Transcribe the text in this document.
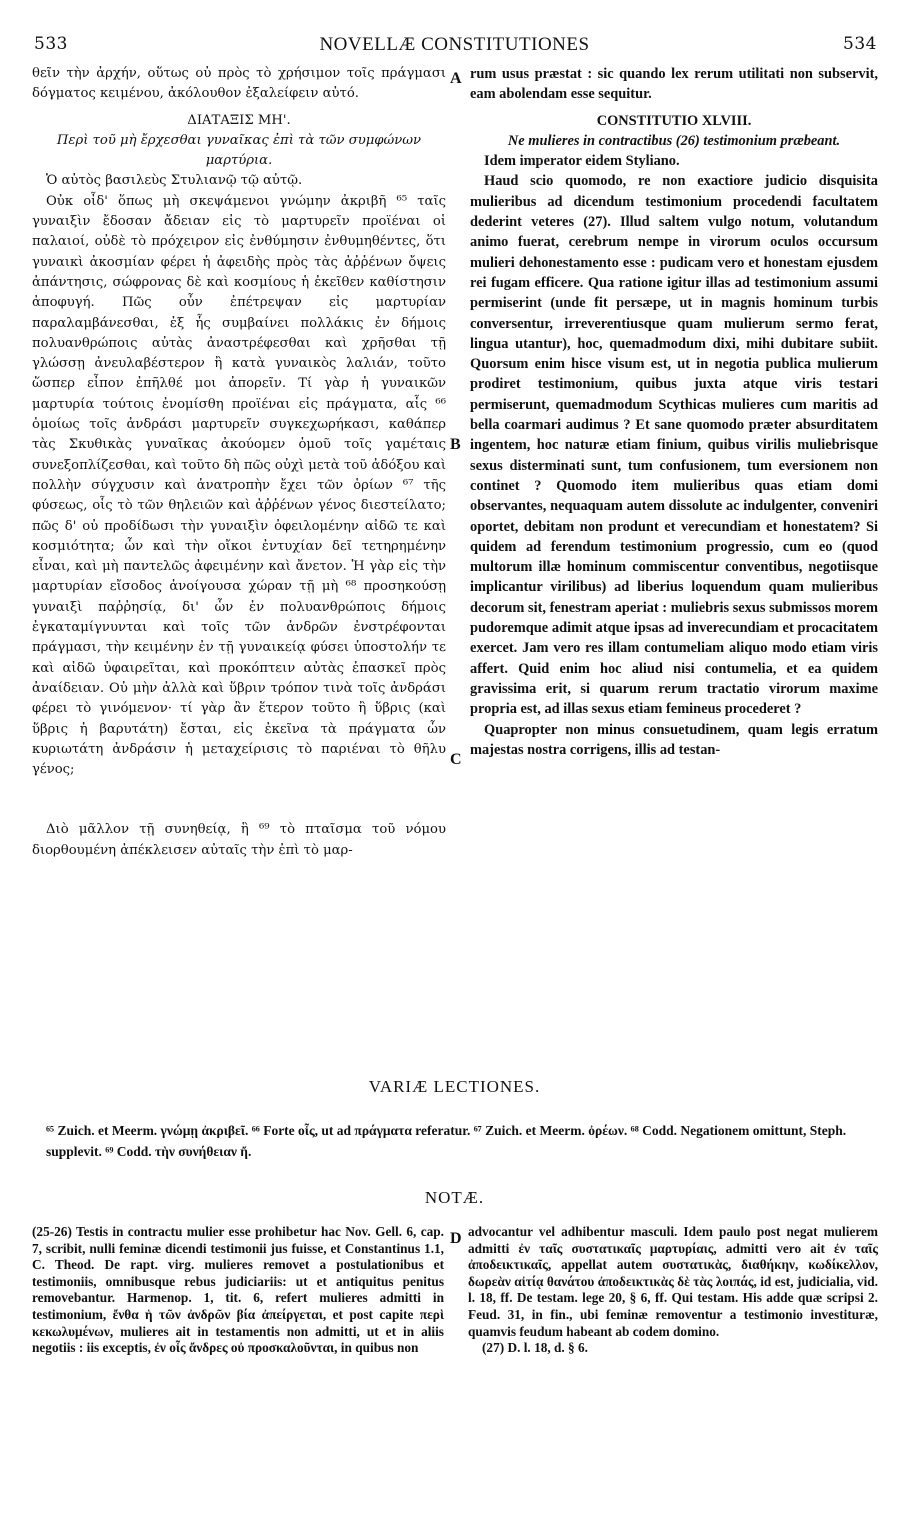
533	NOVELLÆ CONSTITUTIONES	534

θεῖν τὴν ἀρχήν, οὕτως οὐ πρὸς τὸ χρήσιμον τοῖς πράγμασι δόγματος κειμένου, ἀκόλουθον ἐξαλείφειν αὐτό.

ΔΙΑΤΑΞΙΣ ΜΗ'.

Περὶ τοῦ μὴ ἔρχεσθαι γυναῖκας ἐπὶ τὰ τῶν συμφώνων μαρτύρια.

Ὁ αὐτὸς βασιλεὺς Στυλιανῷ τῷ αὐτῷ.

Οὐκ οἶδ' ὅπως μὴ σκεψάμενοι γνώμην ἀκριβῆ ⁶⁵ ταῖς γυναιξὶν ἔδοσαν ἄδειαν εἰς τὸ μαρτυρεῖν προϊέναι οἱ παλαιοί, οὐδὲ τὸ πρόχειρον εἰς ἐνθύμησιν ἐνθυμηθέντες, ὅτι γυναικὶ ἀκοσμίαν φέρει ἡ ἀφειδὴς πρὸς τὰς ἀῤῥένων ὄψεις ἀπάντησις, σώφρονας δὲ καὶ κοσμίους ἡ ἐκεῖθεν καθίστησιν ἀποφυγή. Πῶς οὖν ἐπέτρεψαν εἰς μαρτυρίαν παραλαμβάνεσθαι, ἐξ ἧς συμβαίνει πολλάκις ἐν δήμοις πολυανθρώποις αὐτὰς ἀναστρέφεσθαι καὶ χρῆσθαι τῇ γλώσσῃ ἀνευλαβέστερον ἢ κατὰ γυναικὸς λαλιάν, τοῦτο ὥσπερ εἶπον ἐπῆλθέ μοι ἀπορεῖν. Τί γὰρ ἡ γυναικῶν μαρτυρία τούτοις ἐνομίσθη προϊέναι εἰς πράγματα, αἷς ⁶⁶ ὁμοίως τοῖς ἀνδράσι μαρτυρεῖν συγκεχωρήκασι, καθάπερ τὰς Σκυθικὰς γυναῖκας ἀκούομεν ὁμοῦ τοῖς γαμέταις συνεξοπλίζεσθαι, καὶ τοῦτο δὴ πῶς οὐχὶ μετὰ τοῦ ἀδόξου καὶ πολλὴν σύγχυσιν καὶ ἀνατροπὴν ἔχει τῶν ὁρίων ⁶⁷ τῆς φύσεως, οἷς τὸ τῶν θηλειῶν καὶ ἀῤῥένων γένος διεστείλατο; πῶς δ' οὐ προδίδωσι τὴν γυναιξὶν ὀφειλομένην αἰδῶ τε καὶ κοσμιότητα; ὧν καὶ τὴν οἴκοι ἐντυχίαν δεῖ τετηρημένην εἶναι, καὶ μὴ παντελῶς ἀφειμένην καὶ ἄνετον. Ἡ γὰρ εἰς τὴν μαρτυρίαν εἴσοδος ἀνοίγουσα χώραν τῇ μὴ ⁶⁸ προσηκούσῃ γυναιξὶ παῤῥησίᾳ, δι' ὧν ἐν πολυανθρώποις δήμοις ἐγκαταμίγνυνται καὶ τοῖς τῶν ἀνδρῶν ἐνστρέφονται πράγμασι, τὴν κειμένην ἐν τῇ γυναικείᾳ φύσει ὑποστολήν τε καὶ αἰδῶ ὑφαιρεῖται, καὶ προκόπτειν αὐτὰς ἐπασκεῖ πρὸς ἀναίδειαν. Οὐ μὴν ἀλλὰ καὶ ὕβριν τρόπον τινὰ τοῖς ἀνδράσι φέρει τὸ γινόμενον· τί γὰρ ἂν ἕτερον τοῦτο ἢ ὕβρις (καὶ ὕβρις ἡ βαρυτάτη) ἔσται, εἰς ἐκεῖνα τὰ πράγματα ὧν κυριωτάτη ἀνδράσιν ἡ μεταχείρισις τὸ παριέναι τὸ θῆλυ γένος;

Διὸ μᾶλλον τῇ συνηθείᾳ, ἣ ⁶⁹ τὸ πταῖσμα τοῦ νόμου διορθουμένη ἀπέκλεισεν αὐταῖς τὴν ἐπὶ τὸ μαρ-

rum usus præstat : sic quando lex rerum utilitati non subservit, eam abolendam esse sequitur.

CONSTITUTIO XLVIII.

Ne mulieres in contractibus (26) testimonium præbeant.

Idem imperator eidem Styliano.

Haud scio quomodo, re non exactiore judicio disquisita mulieribus ad dicendum testimonium procedendi facultatem dederint veteres (27). Illud saltem vulgo notum, volutandum animo fuerat, cerebrum nempe in virorum oculos occursum mulieri dehonestamento esse : pudicam vero et honestam ejusdem rei fugam efficere. Qua ratione igitur illas ad testimonium assumi permiserint (unde fit persæpe, ut in magnis hominum turbis conversentur, irreverentiusque quam mulierum sermo ferat, lingua utantur), hoc, quemadmodum dixi, mihi dubitare subiit. Quorsum enim hisce visum est, ut in negotia publica mulierum prodiret testimonium, quibus juxta atque viris testari permiserunt, quemadmodum Scythicas mulieres cum maritis ad bella coarmari audimus ? Et sane quomodo præter absurditatem ingentem, hoc naturæ etiam finium, quibus virilis muliebrisque sexus disterminati sunt, tum confusionem, tum eversionem non continet ? Quomodo item mulieribus quas etiam domi observantes, nequaquam autem dissolute ac indulgenter, conveniri oportet, debitam non produnt et verecundiam et honestatem? Si quidem ad ferendum testimonium progressio, cum eo (quod multorum illæ hominum commiscentur conventibus, negotiisque implicantur virilibus) ad liberius loquendum quam mulieribus decorum sit, fenestram aperiat : muliebris sexus submissos morem pudoremque adimit atque ipsas ad inverecundiam et procacitatem exercet. Jam vero res illam contumeliam aliquo modo etiam viris affert. Quid enim hoc aliud nisi contumelia, et ea quidem gravissima erit, si quarum rerum tractatio virorum maxime propria est, ad illas sexus etiam femineus procederet ?

Quapropter non minus consuetudinem, quam legis erratum majestas nostra corrigens, illis ad testan-

A
B
C
D
VARIÆ LECTIONES.
⁶⁵ Zuich. et Meerm. γνώμῃ ἀκριβεῖ. ⁶⁶ Forte οἷς, ut ad πράγματα referatur. ⁶⁷ Zuich. et Meerm. ὀρέων. ⁶⁸ Codd. Negationem omittunt, Steph. supplevit. ⁶⁹ Codd. τὴν συνήθειαν ἤ.
NOTÆ.

(25-26) Testis in contractu mulier esse prohibetur hac Nov. Gell. 6, cap. 7, scribit, nulli feminæ dicendi testimonii jus fuisse, et Constantinus 1.1, C. Theod. De rapt. virg. mulieres removet a postulationibus et testimoniis, omnibusque rebus judiciariis: ut et antiquitus penitus removebantur. Harmenop. 1, tit. 6, refert mulieres admitti in testimonium, ἔνθα ἡ τῶν ἀνδρῶν βία ἀπείργεται, et post capite περὶ κεκωλυμένων, mulieres ait in testamentis non admitti, ut et in aliis negotiis : iis exceptis, ἐν οἷς ἄνδρες οὐ προσκαλοῦνται, in quibus non

advocantur vel adhibentur masculi. Idem paulo post negat mulierem admitti ἐν ταῖς συστατικαῖς μαρτυρίαις, admitti vero ait ἐν ταῖς ἀποδεικτικαῖς, appellat autem συστατικὰς, διαθήκην, κωδίκελλον, δωρεὰν αἰτίᾳ θανάτου ἀποδεικτικὰς δὲ τὰς λοιπάς, id est, judicialia, vid. l. 18, ff. De testam. lege 20, § 6, ff. Qui testam. His adde quæ scripsi 2. Feud. 31, in fin., ubi feminæ removentur a testimonio investituræ, quamvis feudum habeant ab codem domino.

(27) D. l. 18, d. § 6.
